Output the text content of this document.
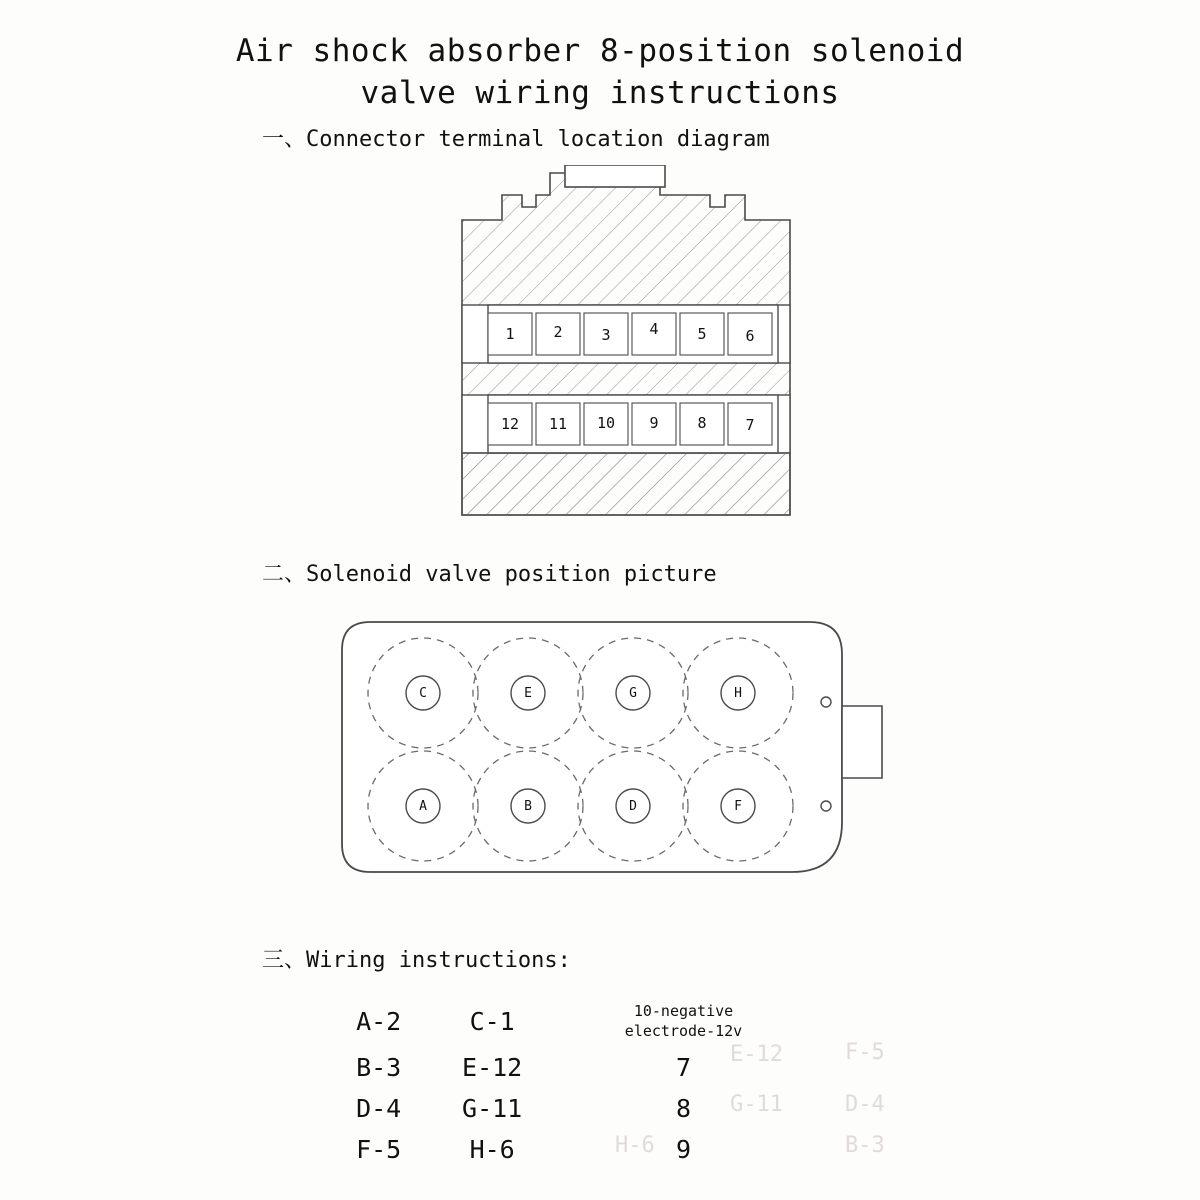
Air shock absorber 8-position solenoid
valve wiring instructions
一、Connector terminal location diagram
1	2	3	4	5	6
12	11	10	9	8	7
二、Solenoid valve position picture
C	E	G	H
A	B	D	F
三、Wiring instructions:

F-5
D-4
B-3
H-6
G-11
E-12
A-2	C-1	10-negative
electrode-12v

B-3	E-12	7
D-4	G-11	8
F-5	H-6	9
